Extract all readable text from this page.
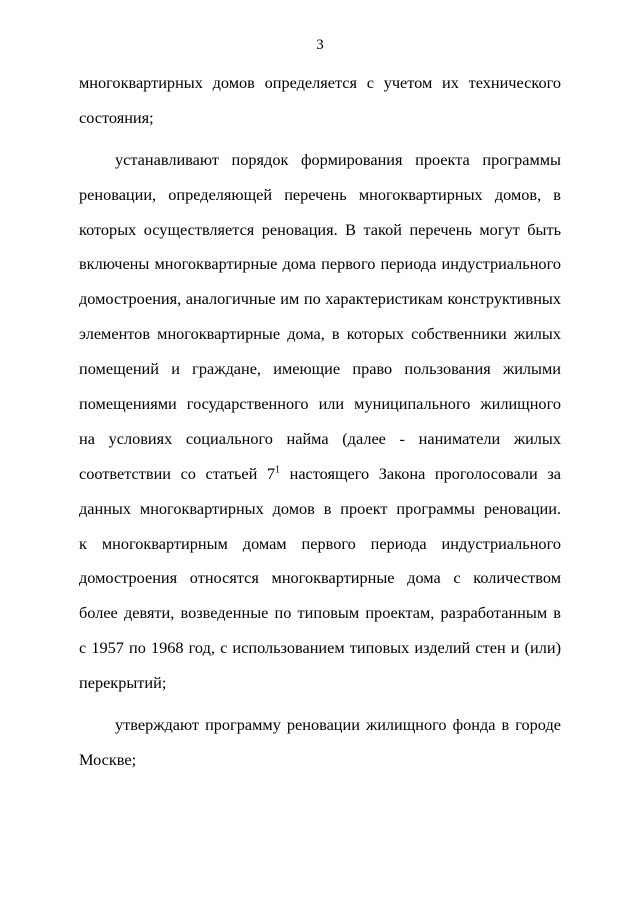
3
многоквартирных домов определяется с учетом их технического
состояния;
устанавливают порядок формирования проекта программы
реновации, определяющей перечень многоквартирных домов, в
которых осуществляется реновация. В такой перечень могут быть
включены многоквартирные дома первого периода индустриального
домостроения, аналогичные им по характеристикам конструктивных
элементов многоквартирные дома, в которых собственники жилых
помещений и граждане, имеющие право пользования жилыми
помещениями государственного или муниципального жилищного
на условиях социального найма (далее - наниматели жилых
соответствии со статьей $7^1$ настоящего Закона проголосовали за
данных многоквартирных домов в проект программы реновации.
к многоквартирным домам первого периода индустриального
домостроения относятся многоквартирные дома с количеством
более девяти, возведенные по типовым проектам, разработанным в
с 1957 по 1968 год, с использованием типовых изделий стен и (или)
перекрытий;
утверждают программу реновации жилищного фонда в городе
Москве;
